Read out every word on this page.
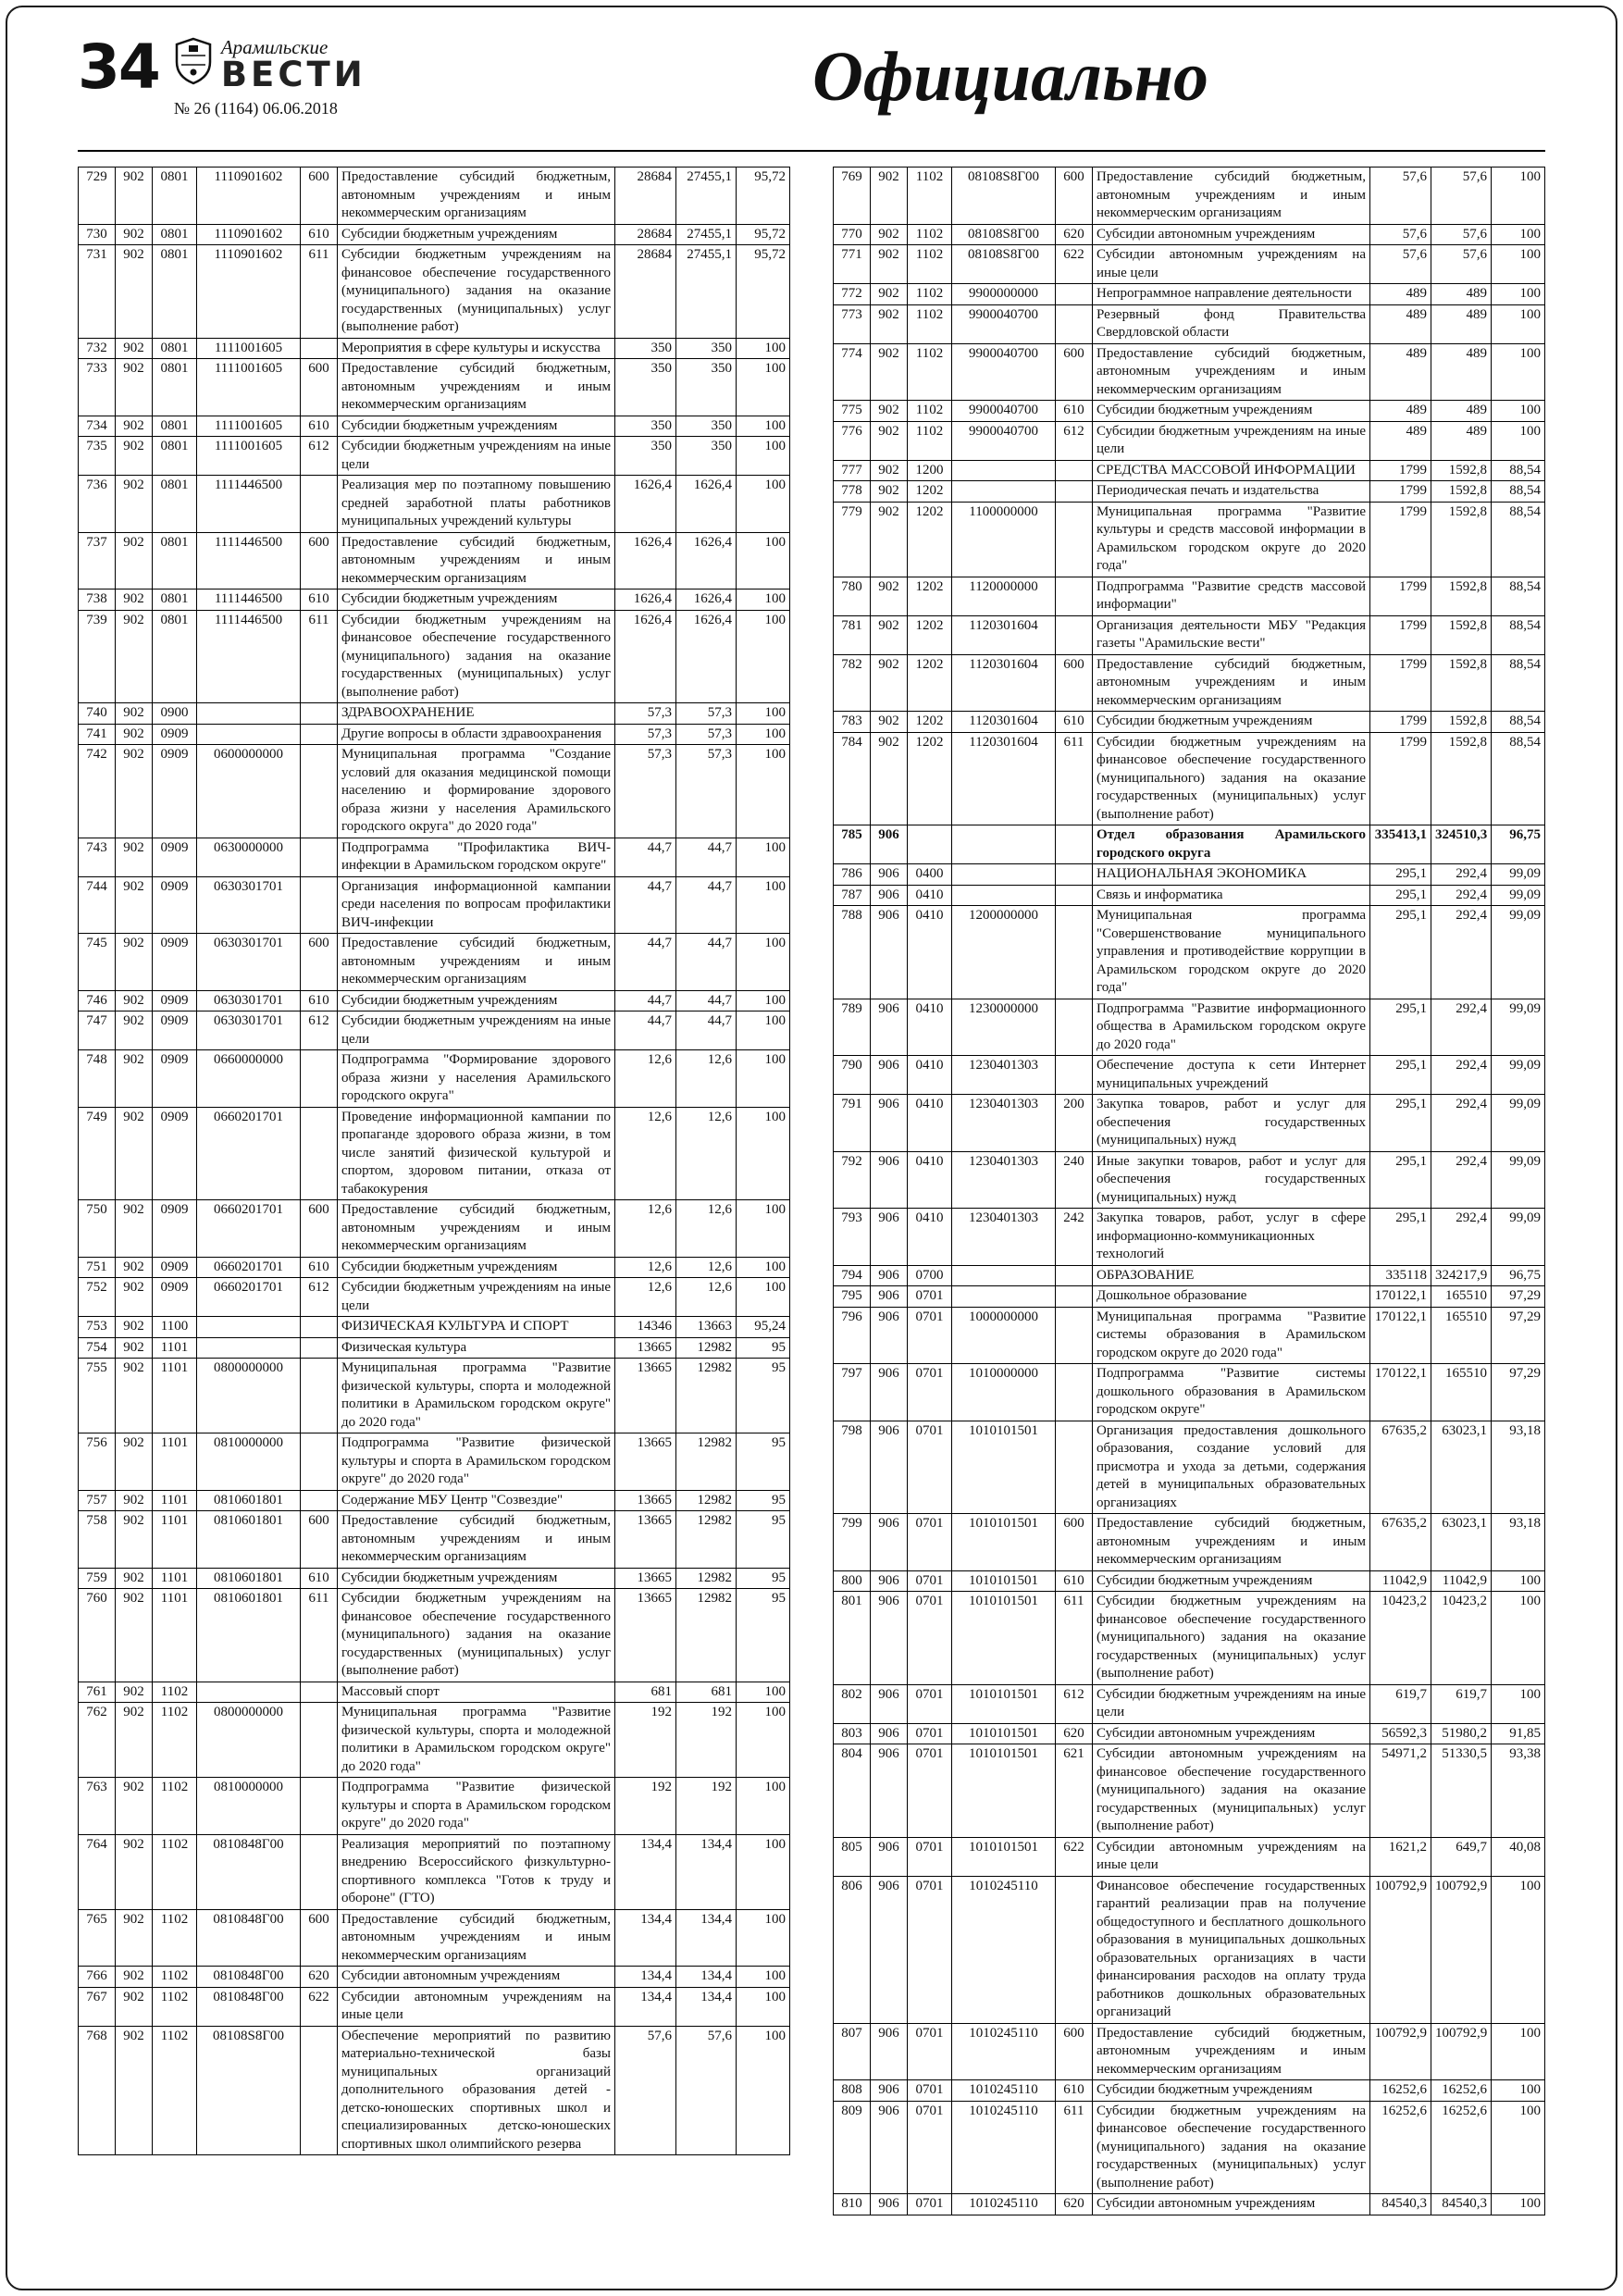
34	Арамильские
ВЕСТИ
№ 26 (1164) 06.06.2018	Официально
729	902	0801	1110901602	600	Предоставление субсидий бюджетным, автономным учреждениям и иным некоммерческим организациям	28684	27455,1	95,72
730	902	0801	1110901602	610	Субсидии бюджетным учреждениям	28684	27455,1	95,72
731	902	0801	1110901602	611	Субсидии бюджетным учреждениям на финансовое обеспечение государственного (муниципального) задания на оказание государственных (муниципальных) услуг (выполнение работ)	28684	27455,1	95,72
732	902	0801	1111001605		Мероприятия в сфере культуры и искусства	350	350	100
733	902	0801	1111001605	600	Предоставление субсидий бюджетным, автономным учреждениям и иным некоммерческим организациям	350	350	100
734	902	0801	1111001605	610	Субсидии бюджетным учреждениям	350	350	100
735	902	0801	1111001605	612	Субсидии бюджетным учреждениям на иные цели	350	350	100
736	902	0801	1111446500		Реализация мер по поэтапному повышению средней заработной платы работников муниципальных учреждений культуры	1626,4	1626,4	100
737	902	0801	1111446500	600	Предоставление субсидий бюджетным, автономным учреждениям и иным некоммерческим организациям	1626,4	1626,4	100
738	902	0801	1111446500	610	Субсидии бюджетным учреждениям	1626,4	1626,4	100
739	902	0801	1111446500	611	Субсидии бюджетным учреждениям на финансовое обеспечение государственного (муниципального) задания на оказание государственных (муниципальных) услуг (выполнение работ)	1626,4	1626,4	100
740	902	0900			ЗДРАВООХРАНЕНИЕ	57,3	57,3	100
741	902	0909			Другие вопросы в области здравоохранения	57,3	57,3	100
742	902	0909	0600000000		Муниципальная программа "Создание условий для оказания медицинской помощи населению и формирование здорового образа жизни у населения Арамильского городского округа" до 2020 года"	57,3	57,3	100
743	902	0909	0630000000		Подпрограмма "Профилактика ВИЧ-инфекции в Арамильском городском округе"	44,7	44,7	100
744	902	0909	0630301701		Организация информационной кампании среди населения по вопросам профилактики ВИЧ-инфекции	44,7	44,7	100
745	902	0909	0630301701	600	Предоставление субсидий бюджетным, автономным учреждениям и иным некоммерческим организациям	44,7	44,7	100
746	902	0909	0630301701	610	Субсидии бюджетным учреждениям	44,7	44,7	100
747	902	0909	0630301701	612	Субсидии бюджетным учреждениям на иные цели	44,7	44,7	100
748	902	0909	0660000000		Подпрограмма "Формирование здорового образа жизни у населения Арамильского городского округа"	12,6	12,6	100
749	902	0909	0660201701		Проведение информационной кампании по пропаганде здорового образа жизни, в том числе занятий физической культурой и спортом, здоровом питании, отказа от табакокурения	12,6	12,6	100
750	902	0909	0660201701	600	Предоставление субсидий бюджетным, автономным учреждениям и иным некоммерческим организациям	12,6	12,6	100
751	902	0909	0660201701	610	Субсидии бюджетным учреждениям	12,6	12,6	100
752	902	0909	0660201701	612	Субсидии бюджетным учреждениям на иные цели	12,6	12,6	100
753	902	1100			ФИЗИЧЕСКАЯ КУЛЬТУРА И СПОРТ	14346	13663	95,24
754	902	1101			Физическая культура	13665	12982	95
755	902	1101	0800000000		Муниципальная программа "Развитие физической культуры, спорта и молодежной политики в Арамильском городском округе" до 2020 года"	13665	12982	95
756	902	1101	0810000000		Подпрограмма "Развитие физической культуры и спорта в Арамильском городском округе" до 2020 года"	13665	12982	95
757	902	1101	0810601801		Содержание МБУ Центр "Созвездие"	13665	12982	95
758	902	1101	0810601801	600	Предоставление субсидий бюджетным, автономным учреждениям и иным некоммерческим организациям	13665	12982	95
759	902	1101	0810601801	610	Субсидии бюджетным учреждениям	13665	12982	95
760	902	1101	0810601801	611	Субсидии бюджетным учреждениям на финансовое обеспечение государственного (муниципального) задания на оказание государственных (муниципальных) услуг (выполнение работ)	13665	12982	95
761	902	1102			Массовый спорт	681	681	100
762	902	1102	0800000000		Муниципальная программа "Развитие физической культуры, спорта и молодежной политики в Арамильском городском округе" до 2020 года"	192	192	100
763	902	1102	0810000000		Подпрограмма "Развитие физической культуры и спорта в Арамильском городском округе" до 2020 года"	192	192	100
764	902	1102	0810848Г00		Реализация мероприятий по поэтапному внедрению Всероссийского физкультурно-спортивного комплекса "Готов к труду и обороне" (ГТО)	134,4	134,4	100
765	902	1102	0810848Г00	600	Предоставление субсидий бюджетным, автономным учреждениям и иным некоммерческим организациям	134,4	134,4	100
766	902	1102	0810848Г00	620	Субсидии автономным учреждениям	134,4	134,4	100
767	902	1102	0810848Г00	622	Субсидии автономным учреждениям на иные цели	134,4	134,4	100
768	902	1102	08108S8Г00		Обеспечение мероприятий по развитию материально-технической базы муниципальных организаций дополнительного образования детей - детско-юношеских спортивных школ и специализированных детско-юношеских спортивных школ олимпийского резерва	57,6	57,6	100
769	902	1102	08108S8Г00	600	Предоставление субсидий бюджетным, автономным учреждениям и иным некоммерческим организациям	57,6	57,6	100
770	902	1102	08108S8Г00	620	Субсидии автономным учреждениям	57,6	57,6	100
771	902	1102	08108S8Г00	622	Субсидии автономным учреждениям на иные цели	57,6	57,6	100
772	902	1102	9900000000		Непрограммное направление деятельности	489	489	100
773	902	1102	9900040700		Резервный фонд Правительства Свердловской области	489	489	100
774	902	1102	9900040700	600	Предоставление субсидий бюджетным, автономным учреждениям и иным некоммерческим организациям	489	489	100
775	902	1102	9900040700	610	Субсидии бюджетным учреждениям	489	489	100
776	902	1102	9900040700	612	Субсидии бюджетным учреждениям на иные цели	489	489	100
777	902	1200			СРЕДСТВА МАССОВОЙ ИНФОРМАЦИИ	1799	1592,8	88,54
778	902	1202			Периодическая печать и издательства	1799	1592,8	88,54
779	902	1202	1100000000		Муниципальная программа "Развитие культуры и средств массовой информации в Арамильском городском округе до 2020 года"	1799	1592,8	88,54
780	902	1202	1120000000		Подпрограмма "Развитие средств массовой информации"	1799	1592,8	88,54
781	902	1202	1120301604		Организация деятельности МБУ "Редакция газеты "Арамильские вести"	1799	1592,8	88,54
782	902	1202	1120301604	600	Предоставление субсидий бюджетным, автономным учреждениям и иным некоммерческим организациям	1799	1592,8	88,54
783	902	1202	1120301604	610	Субсидии бюджетным учреждениям	1799	1592,8	88,54
784	902	1202	1120301604	611	Субсидии бюджетным учреждениям на финансовое обеспечение государственного (муниципального) задания на оказание государственных (муниципальных) услуг (выполнение работ)	1799	1592,8	88,54
785	906				Отдел образования Арамильского городского округа	335413,1	324510,3	96,75
786	906	0400			НАЦИОНАЛЬНАЯ ЭКОНОМИКА	295,1	292,4	99,09
787	906	0410			Связь и информатика	295,1	292,4	99,09
788	906	0410	1200000000		Муниципальная программа "Совершенствование муниципального управления и противодействие коррупции в Арамильском городском округе до 2020 года"	295,1	292,4	99,09
789	906	0410	1230000000		Подпрограмма "Развитие информационного общества в Арамильском городском округе до 2020 года"	295,1	292,4	99,09
790	906	0410	1230401303		Обеспечение доступа к сети Интернет муниципальных учреждений	295,1	292,4	99,09
791	906	0410	1230401303	200	Закупка товаров, работ и услуг для обеспечения государственных (муниципальных) нужд	295,1	292,4	99,09
792	906	0410	1230401303	240	Иные закупки товаров, работ и услуг для обеспечения государственных (муниципальных) нужд	295,1	292,4	99,09
793	906	0410	1230401303	242	Закупка товаров, работ, услуг в сфере информационно-коммуникационных технологий	295,1	292,4	99,09
794	906	0700			ОБРАЗОВАНИЕ	335118	324217,9	96,75
795	906	0701			Дошкольное образование	170122,1	165510	97,29
796	906	0701	1000000000		Муниципальная программа "Развитие системы образования в Арамильском городском округе до 2020 года"	170122,1	165510	97,29
797	906	0701	1010000000		Подпрограмма "Развитие системы дошкольного образования в Арамильском городском округе"	170122,1	165510	97,29
798	906	0701	1010101501		Организация предоставления дошкольного образования, создание условий для присмотра и ухода за детьми, содержания детей в муниципальных образовательных организациях	67635,2	63023,1	93,18
799	906	0701	1010101501	600	Предоставление субсидий бюджетным, автономным учреждениям и иным некоммерческим организациям	67635,2	63023,1	93,18
800	906	0701	1010101501	610	Субсидии бюджетным учреждениям	11042,9	11042,9	100
801	906	0701	1010101501	611	Субсидии бюджетным учреждениям на финансовое обеспечение государственного (муниципального) задания на оказание государственных (муниципальных) услуг (выполнение работ)	10423,2	10423,2	100
802	906	0701	1010101501	612	Субсидии бюджетным учреждениям на иные цели	619,7	619,7	100
803	906	0701	1010101501	620	Субсидии автономным учреждениям	56592,3	51980,2	91,85
804	906	0701	1010101501	621	Субсидии автономным учреждениям на финансовое обеспечение государственного (муниципального) задания на оказание государственных (муниципальных) услуг (выполнение работ)	54971,2	51330,5	93,38
805	906	0701	1010101501	622	Субсидии автономным учреждениям на иные цели	1621,2	649,7	40,08
806	906	0701	1010245110		Финансовое обеспечение государственных гарантий реализации прав на получение общедоступного и бесплатного дошкольного образования в муниципальных дошкольных образовательных организациях в части финансирования расходов на оплату труда работников дошкольных образовательных организаций	100792,9	100792,9	100
807	906	0701	1010245110	600	Предоставление субсидий бюджетным, автономным учреждениям и иным некоммерческим организациям	100792,9	100792,9	100
808	906	0701	1010245110	610	Субсидии бюджетным учреждениям	16252,6	16252,6	100
809	906	0701	1010245110	611	Субсидии бюджетным учреждениям на финансовое обеспечение государственного (муниципального) задания на оказание государственных (муниципальных) услуг (выполнение работ)	16252,6	16252,6	100
810	906	0701	1010245110	620	Субсидии автономным учреждениям	84540,3	84540,3	100
